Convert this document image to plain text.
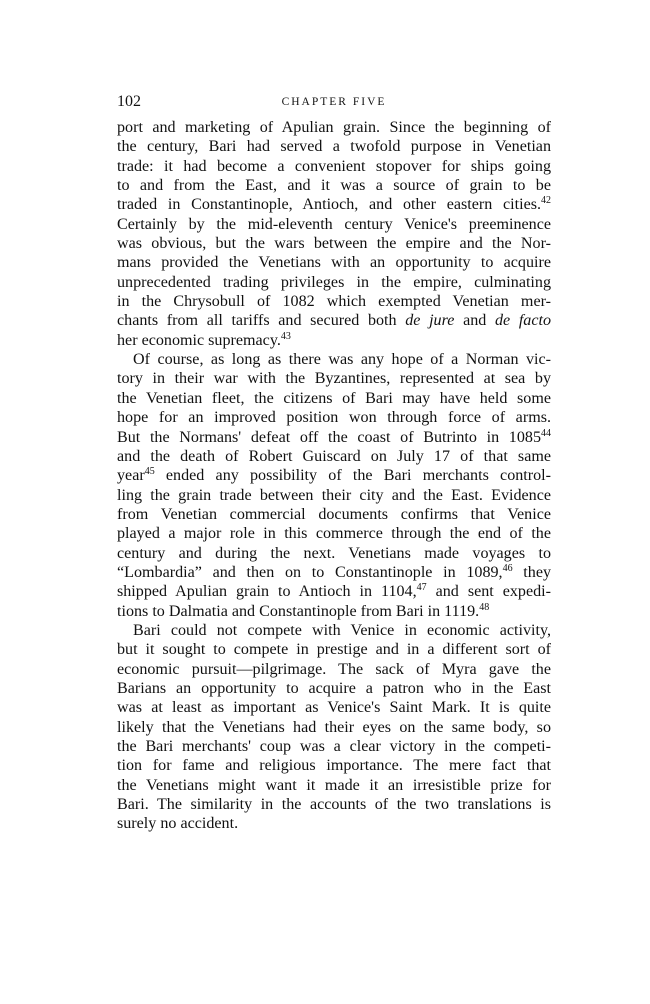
102	CHAPTER FIVE

port and marketing of Apulian grain. Since the beginning of
the century, Bari had served a twofold purpose in Venetian
trade: it had become a convenient stopover for ships going
to and from the East, and it was a source of grain to be
traded in Constantinople, Antioch, and other eastern cities.$^{42}$
Certainly by the mid-eleventh century Venice's preeminence
was obvious, but the wars between the empire and the Nor-
mans provided the Venetians with an opportunity to acquire
unprecedented trading privileges in the empire, culminating
in the Chrysobull of 1082 which exempted Venetian mer-
chants from all tariffs and secured both de jure and de facto
her economic supremacy.$^{43}$

Of course, as long as there was any hope of a Norman vic-
tory in their war with the Byzantines, represented at sea by
the Venetian fleet, the citizens of Bari may have held some
hope for an improved position won through force of arms.
But the Normans' defeat off the coast of Butrinto in 1085$^{44}$
and the death of Robert Guiscard on July 17 of that same
year$^{45}$ ended any possibility of the Bari merchants control-
ling the grain trade between their city and the East. Evidence
from Venetian commercial documents confirms that Venice
played a major role in this commerce through the end of the
century and during the next. Venetians made voyages to
“Lombardia” and then on to Constantinople in 1089,46 they
shipped Apulian grain to Antioch in 1104,47 and sent expedi-
tions to Dalmatia and Constantinople from Bari in 1119.48

Bari could not compete with Venice in economic activity,
but it sought to compete in prestige and in a different sort of
economic pursuit—pilgrimage. The sack of Myra gave the
Barians an opportunity to acquire a patron who in the East
was at least as important as Venice's Saint Mark. It is quite
likely that the Venetians had their eyes on the same body, so
the Bari merchants' coup was a clear victory in the competi-
tion for fame and religious importance. The mere fact that
the Venetians might want it made it an irresistible prize for
Bari. The similarity in the accounts of the two translations is
surely no accident.
